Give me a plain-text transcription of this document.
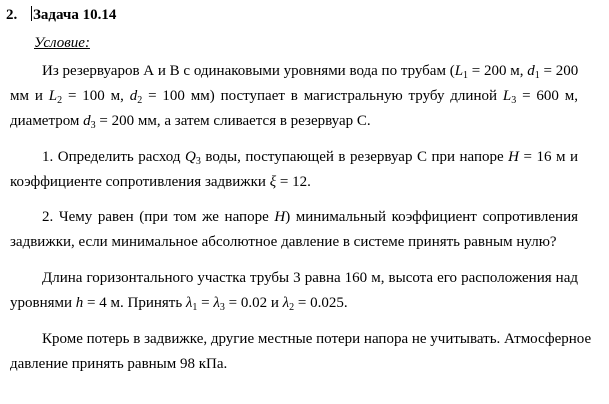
2. Задача 10.14
Условие:
Из резервуаров А и В с одинаковыми уровнями вода по трубам ($L_1 = 200$ м, $d_1 = 200$
мм и $L_2 = 100$ м, $d_2 = 100$ мм) поступает в магистральную трубу длиной $L_3 = 600$ м,
диаметром $d_3 = 200$ мм, а затем сливается в резервуар С.
1. Определить расход $Q_3$ воды, поступающей в резервуар С при напоре H = 16 м и
коэффициенте сопротивления задвижки ξ = 12.
2. Чему равен (при том же напоре H) минимальный коэффициент сопротивления
задвижки, если минимальное абсолютное давление в системе принять равным нулю?
Длина горизонтального участка трубы 3 равна 160 м, высота его расположения над
уровнями h = 4 м. Принять $\lambda_1 = \lambda_3 = 0.02$ и $\lambda_2 = 0.025$.
Кроме потерь в задвижке, другие местные потери напора не учитывать. Атмосферное
давление принять равным 98 кПа.
